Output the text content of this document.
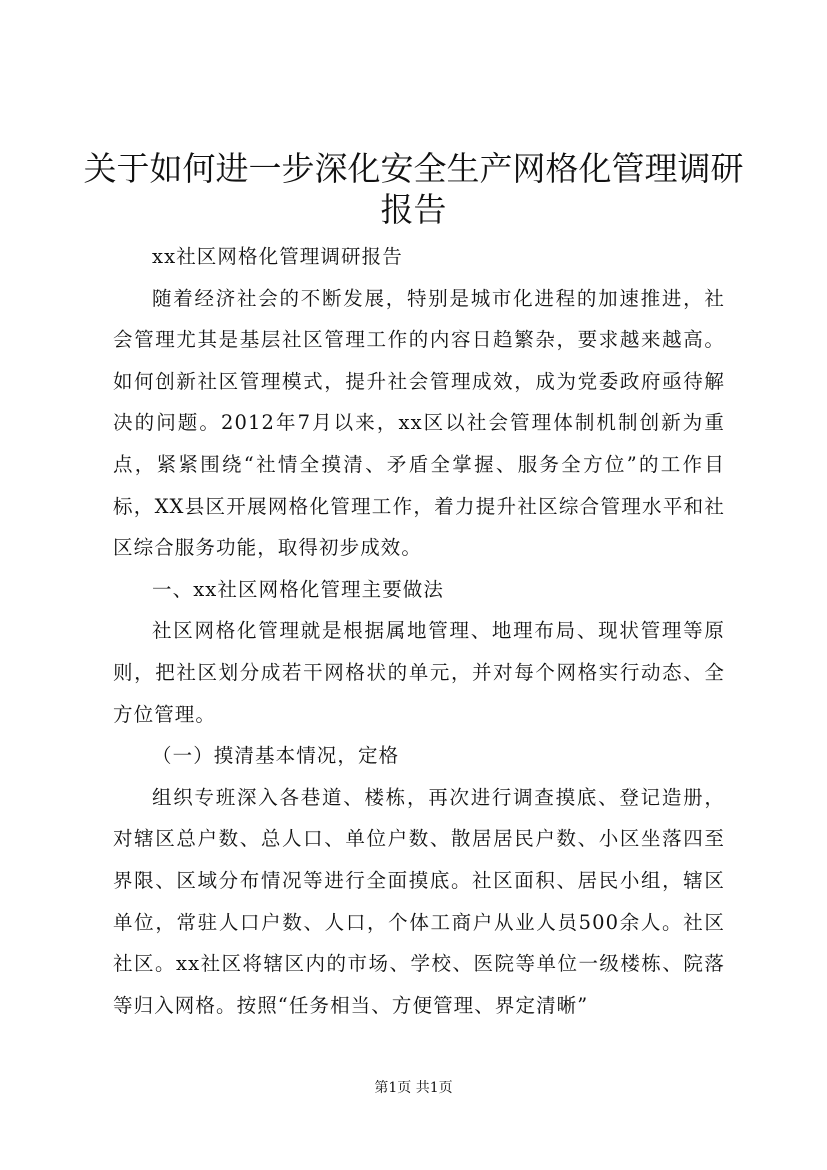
关于如何进一步深化安全生产网格化管理调研
报告

xx社区网格化管理调研报告

随着经济社会的不断发展，特别是城市化进程的加速推进，社会管理尤其是基层社区管理工作的内容日趋繁杂，要求越来越高。如何创新社区管理模式，提升社会管理成效，成为党委政府亟待解决的问题。2012年7月以来，xx区以社会管理体制机制创新为重点，紧紧围绕“社情全摸清、矛盾全掌握、服务全方位”的工作目标，XX县区开展网格化管理工作，着力提升社区综合管理水平和社区综合服务功能，取得初步成效。

一、xx社区网格化管理主要做法

社区网格化管理就是根据属地管理、地理布局、现状管理等原则，把社区划分成若干网格状的单元，并对每个网格实行动态、全方位管理。

（一）摸清基本情况，定格

组织专班深入各巷道、楼栋，再次进行调查摸底、登记造册，对辖区总户数、总人口、单位户数、散居居民户数、小区坐落四至界限、区域分布情况等进行全面摸底。社区面积、居民小组，辖区单位，常驻人口户数、人口，个体工商户从业人员500余人。社区社区。xx社区将辖区内的市场、学校、医院等单位一级楼栋、院落等归入网格。按照“任务相当、方便管理、界定清晰”

第1页 共1页
